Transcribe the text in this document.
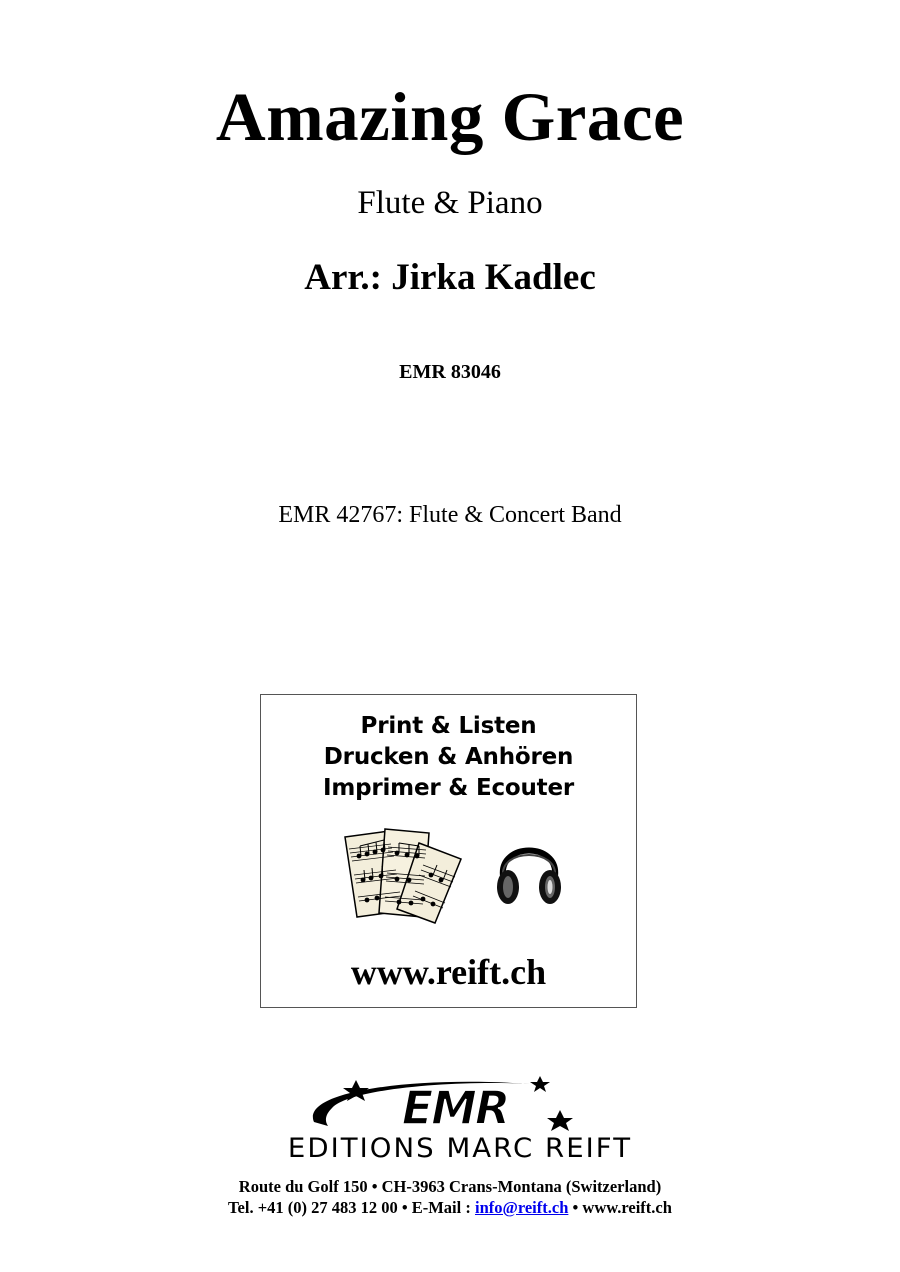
Amazing Grace
Flute & Piano
Arr.: Jirka Kadlec
EMR 83046
EMR 42767: Flute & Concert Band
Print & Listen
Drucken & Anhören
Imprimer & Ecouter
www.reift.ch
EMR
EDITIONS MARC REIFT
Route du Golf 150 • CH-3963 Crans-Montana (Switzerland)
Tel. +41 (0) 27 483 12 00 • E-Mail : info@reift.ch • www.reift.ch
